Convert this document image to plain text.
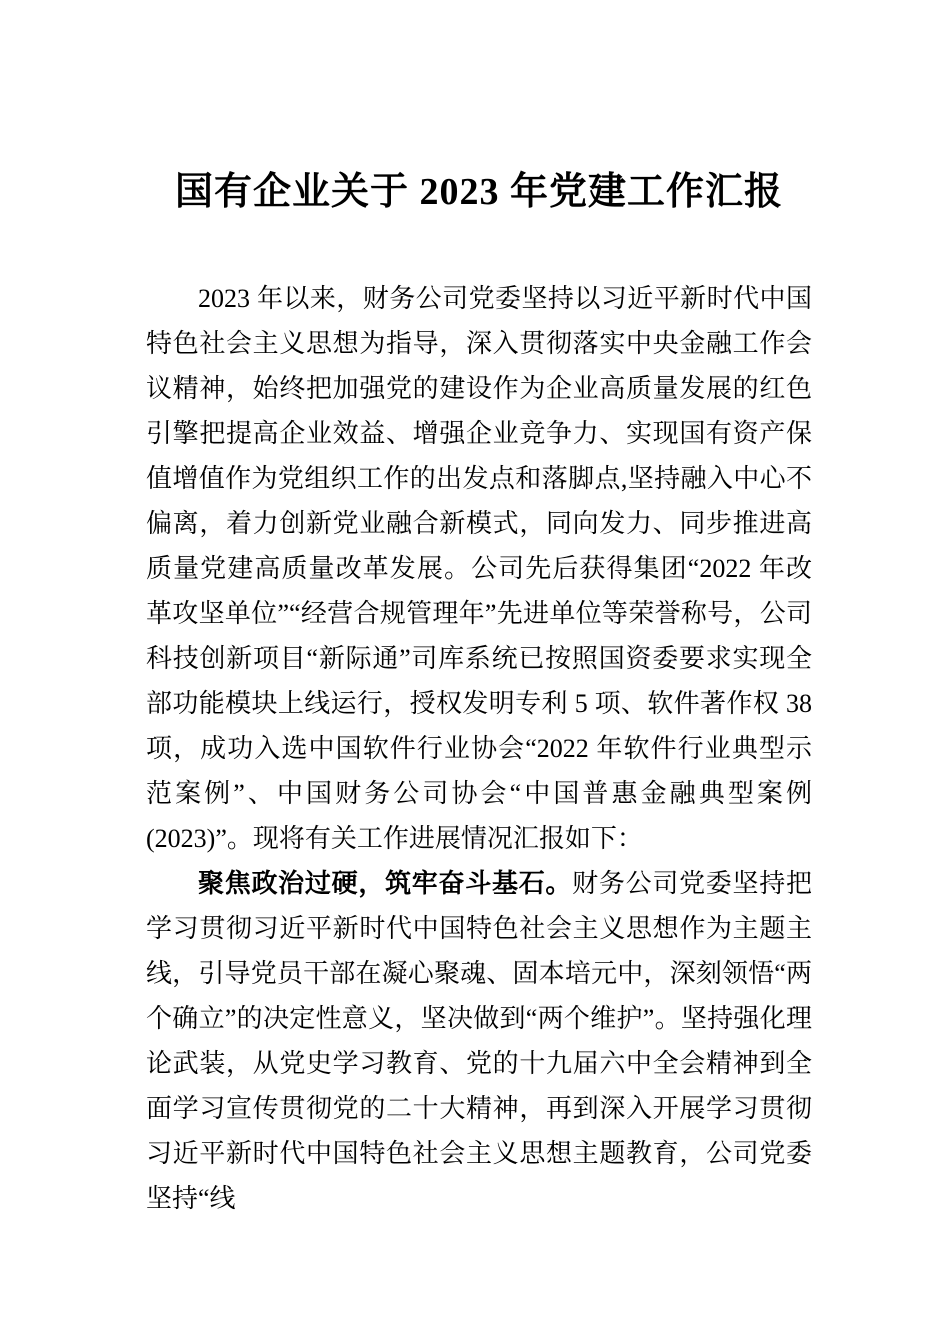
国有企业关于 2023 年党建工作汇报

2023 年以来，财务公司党委坚持以习近平新时代中国特色社会主义思想为指导，深入贯彻落实中央金融工作会议精神，始终把加强党的建设作为企业高质量发展的红色引擎把提高企业效益、增强企业竞争力、实现国有资产保值增值作为党组织工作的出发点和落脚点,坚持融入中心不偏离，着力创新党业融合新模式，同向发力、同步推进高质量党建高质量改革发展。公司先后获得集团“2022 年改革攻坚单位”“经营合规管理年”先进单位等荣誉称号，公司科技创新项目“新际通”司库系统已按照国资委要求实现全部功能模块上线运行，授权发明专利 5 项、软件著作权 38 项，成功入选中国软件行业协会“2022 年软件行业典型示范案例”、中国财务公司协会“中国普惠金融典型案例(2023)”。现将有关工作进展情况汇报如下：

聚焦政治过硬，筑牢奋斗基石。财务公司党委坚持把学习贯彻习近平新时代中国特色社会主义思想作为主题主线，引导党员干部在凝心聚魂、固本培元中，深刻领悟“两个确立”的决定性意义，坚决做到“两个维护”。坚持强化理论武装，从党史学习教育、党的十九届六中全会精神到全面学习宣传贯彻党的二十大精神，再到深入开展学习贯彻习近平新时代中国特色社会主义思想主题教育，公司党委坚持“线
